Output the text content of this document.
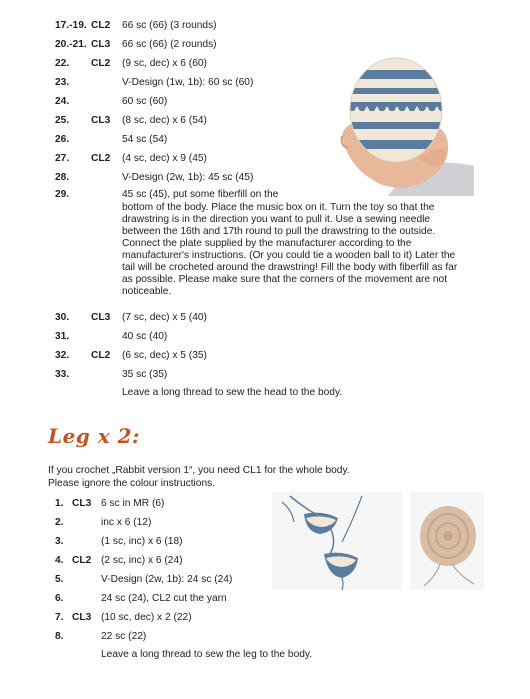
17.-19. CL2 66 sc (66) (3 rounds)
20.-21. CL3 66 sc (66) (2 rounds)
22. CL2 (9 sc, dec) x 6 (60)
23.	V-Design (1w, 1b): 60 sc (60)
24.	60 sc (60)
25. CL3 (8 sc, dec) x 6 (54)
26.	54 sc (54)
27. CL2 (4 sc, dec) x 9 (45)
28.	V-Design (2w, 1b): 45 sc (45)
29.	45 sc (45), put some fiberfill on the
bottom of the body. Place the music box on it. Turn the toy so that the
drawstring is in the direction you want to pull it. Use a sewing needle
between the 16th and 17th round to pull the drawstring to the outside.
Connect the plate supplied by the manufacturer according to the
manufacturer's instructions. (Or you could tie a wooden ball to it) Later the
tail will be crocheted around the drawstring! Fill the body with fiberfill as far
as possible. Please make sure that the corners of the movement are not
noticeable.
30. CL3 (7 sc, dec) x 5 (40)
31.	40 sc (40)
32. CL2 (6 sc, dec) x 5 (35)
33.	35 sc (35)
Leave a long thread to sew the head to the body.
Leg x 2:
If you crochet „Rabbit version 1“, you need CL1 for the whole body.
Please ignore the colour instructions.
1. CL3 6 sc in MR (6)
2.	inc x 6 (12)
3.	(1 sc, inc) x 6 (18)
4. CL2 (2 sc, inc) x 6 (24)
5.	V-Design (2w, 1b): 24 sc (24)
6.	24 sc (24), CL2 cut the yarn
7. CL3 (10 sc, dec) x 2 (22)
8.	22 sc (22)
Leave a long thread to sew the leg to the body.
